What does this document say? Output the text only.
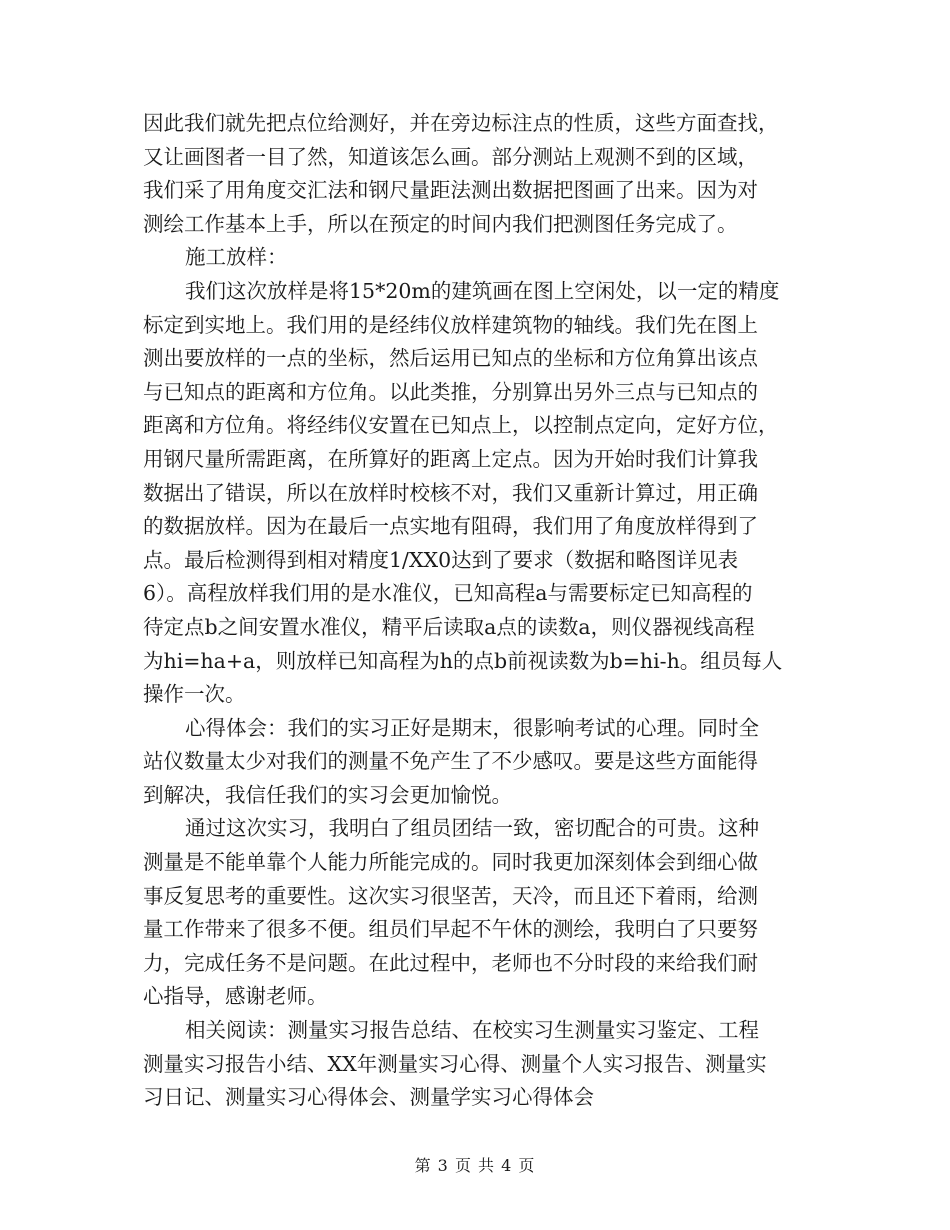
因此我们就先把点位给测好，并在旁边标注点的性质，这些方面查找，
又让画图者一目了然，知道该怎么画。部分测站上观测不到的区域，
我们采了用角度交汇法和钢尺量距法测出数据把图画了出来。因为对
测绘工作基本上手，所以在预定的时间内我们把测图任务完成了。
施工放样：
我们这次放样是将15*20m的建筑画在图上空闲处，以一定的精度
标定到实地上。我们用的是经纬仪放样建筑物的轴线。我们先在图上
测出要放样的一点的坐标，然后运用已知点的坐标和方位角算出该点
与已知点的距离和方位角。以此类推，分别算出另外三点与已知点的
距离和方位角。将经纬仪安置在已知点上，以控制点定向，定好方位，
用钢尺量所需距离，在所算好的距离上定点。因为开始时我们计算我
数据出了错误，所以在放样时校核不对，我们又重新计算过，用正确
的数据放样。因为在最后一点实地有阻碍，我们用了角度放样得到了
点。最后检测得到相对精度1/XX0达到了要求（数据和略图详见表
6）。高程放样我们用的是水准仪，已知高程a与需要标定已知高程的
待定点b之间安置水准仪，精平后读取a点的读数a，则仪器视线高程
为hi=ha+a，则放样已知高程为h的点b前视读数为b=hi-h。组员每人
操作一次。
心得体会：我们的实习正好是期末，很影响考试的心理。同时全
站仪数量太少对我们的测量不免产生了不少感叹。要是这些方面能得
到解决，我信任我们的实习会更加愉悦。
通过这次实习，我明白了组员团结一致，密切配合的可贵。这种
测量是不能单靠个人能力所能完成的。同时我更加深刻体会到细心做
事反复思考的重要性。这次实习很坚苦，天冷，而且还下着雨，给测
量工作带来了很多不便。组员们早起不午休的测绘，我明白了只要努
力，完成任务不是问题。在此过程中，老师也不分时段的来给我们耐
心指导，感谢老师。
相关阅读：测量实习报告总结、在校实习生测量实习鉴定、工程
测量实习报告小结、XX年测量实习心得、测量个人实习报告、测量实
习日记、测量实习心得体会、测量学实习心得体会
第 3 页 共 4 页
